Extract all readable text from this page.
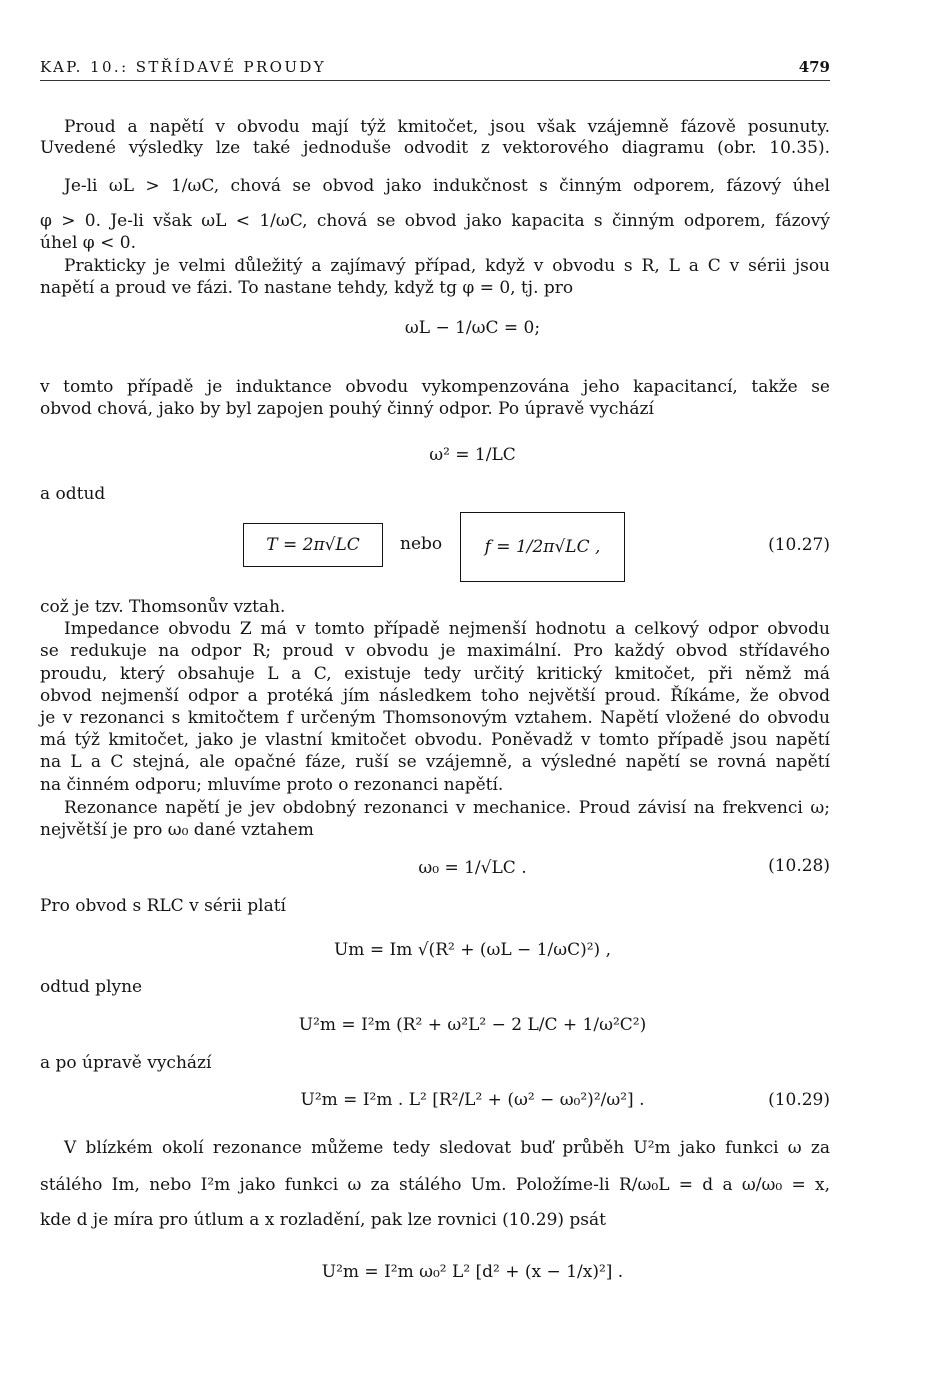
KAP. 10.: STŘÍDAVÉ PROUDY	479
Proud a napětí v obvodu mají týž kmitočet, jsou však vzájemně fázově posunuty.
Uvedené výsledky lze také jednoduše odvodit z vektorového diagramu (obr. 10.35).
Je-li ωL > 1/ωC, chová se obvod jako indukčnost s činným odporem, fázový úhel
φ > 0. Je-li však ωL < 1/ωC, chová se obvod jako kapacita s činným odporem, fázový
úhel φ < 0.
Prakticky je velmi důležitý a zajímavý případ, když v obvodu s R, L a C v sérii jsou
napětí a proud ve fázi. To nastane tehdy, když tg φ = 0, tj. pro
ωL − 1/ωC = 0;
v tomto případě je induktance obvodu vykompenzována jeho kapacitancí, takže se
obvod chová, jako by byl zapojen pouhý činný odpor. Po úpravě vychází
ω² = 1/LC
a odtud
T = 2π√LC	nebo	f = 1/2π√LC ,	(10.27)
což je tzv. Thomsonův vztah.
Impedance obvodu Z má v tomto případě nejmenší hodnotu a celkový odpor obvodu
se redukuje na odpor R; proud v obvodu je maximální. Pro každý obvod střídavého
proudu, který obsahuje L a C, existuje tedy určitý kritický kmitočet, při němž má
obvod nejmenší odpor a protéká jím následkem toho největší proud. Říkáme, že obvod
je v rezonanci s kmitočtem f určeným Thomsonovým vztahem. Napětí vložené do obvodu
má týž kmitočet, jako je vlastní kmitočet obvodu. Poněvadž v tomto případě jsou napětí
na L a C stejná, ale opačné fáze, ruší se vzájemně, a výsledné napětí se rovná napětí
na činném odporu; mluvíme proto o rezonanci napětí.
Rezonance napětí je jev obdobný rezonanci v mechanice. Proud závisí na frekvenci ω;
největší je pro ω₀ dané vztahem
ω₀ = 1/√LC .	(10.28)
Pro obvod s RLC v sérii platí
Um = Im √(R² + (ωL − 1/ωC)²) ,
odtud plyne
U²m = I²m (R² + ω²L² − 2 L/C + 1/ω²C²)
a po úpravě vychází
U²m = I²m . L² [R²/L² + (ω² − ω₀²)²/ω²] .	(10.29)
V blízkém okolí rezonance můžeme tedy sledovat buď průběh U²m jako funkci ω za
stálého Im, nebo I²m jako funkci ω za stálého Um. Položíme-li R/ω₀L = d a ω/ω₀ = x,
kde d je míra pro útlum a x rozladění, pak lze rovnici (10.29) psát
U²m = I²m ω₀² L² [d² + (x − 1/x)²] .
